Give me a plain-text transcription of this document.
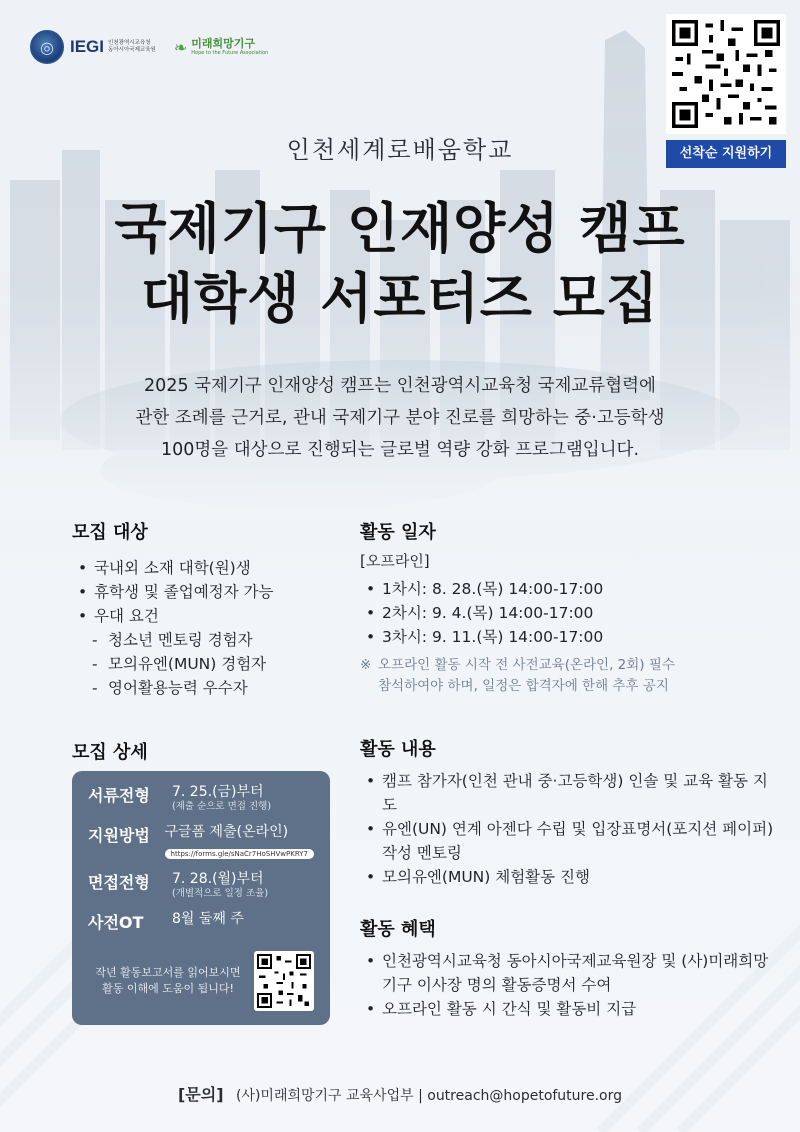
◎ IEGI 인천광역시교육청
동아시아국제교육원 ❧ 미래희망기구
Hope to the Future Association
선착순 지원하기
인천세계로배움학교
국제기구 인재양성 캠프
대학생 서포터즈 모집
2025 국제기구 인재양성 캠프는 인천광역시교육청 국제교류협력에
관한 조례를 근거로, 관내 국제기구 분야 진로를 희망하는 중·고등학생
100명을 대상으로 진행되는 글로벌 역량 강화 프로그램입니다.
모집 대상
• 국내외 소재 대학(원)생
• 휴학생 및 졸업예정자 가능
• 우대 요건
- 청소년 멘토링 경험자
- 모의유엔(MUN) 경험자
- 영어활용능력 우수자
모집 상세
서류전형	7. 25.(금)부터
(제출 순으로 면접 진행)
지원방법	구글폼 제출(온라인)
https://forms.gle/sNaCr7HoSHVwPKRY7
면접전형	7. 28.(월)부터
(개별적으로 일정 조율)
사전OT	8월 둘째 주
작년 활동보고서를 읽어보시면
활동 이해에 도움이 됩니다!
활동 일자
[오프라인]
• 1차시: 8. 28.(목) 14:00-17:00
• 2차시: 9. 4.(목) 14:00-17:00
• 3차시: 9. 11.(목) 14:00-17:00
※ 오프라인 활동 시작 전 사전교육(온라인, 2회) 필수
참석하여야 하며, 일정은 합격자에 한해 추후 공지
활동 내용
• 캠프 참가자(인천 관내 중·고등학생) 인솔 및 교육 활동 지도
• 유엔(UN) 연계 아젠다 수립 및 입장표명서(포지션 페이퍼) 작성 멘토링
• 모의유엔(MUN) 체험활동 진행
활동 혜택
• 인천광역시교육청 동아시아국제교육원장 및 (사)미래희망기구 이사장 명의 활동증명서 수여
• 오프라인 활동 시 간식 및 활동비 지급
[문의] (사)미래희망기구 교육사업부 | outreach@hopetofuture.org
